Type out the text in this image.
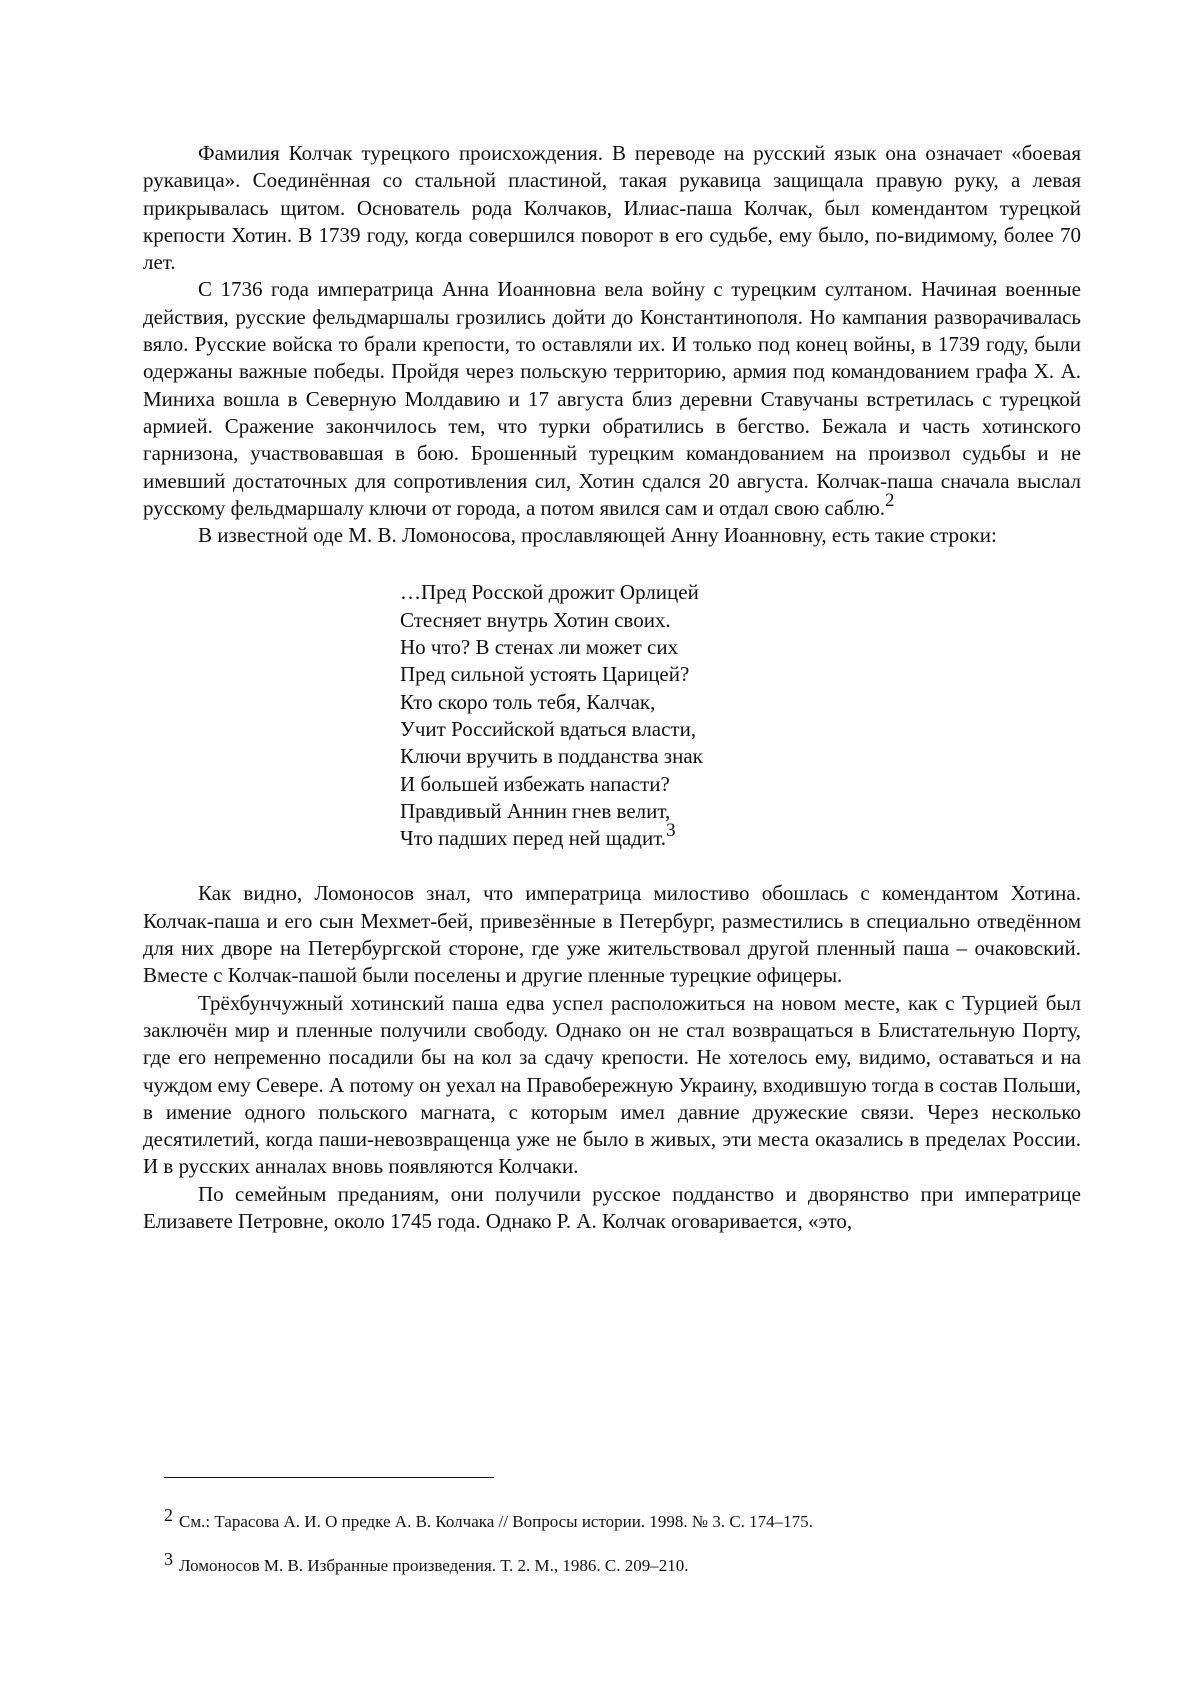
Фамилия Колчак турецкого происхождения. В переводе на русский язык она означает «боевая рукавица». Соединённая со стальной пластиной, такая рукавица защищала правую руку, а левая прикрывалась щитом. Основатель рода Колчаков, Илиас-паша Колчак, был комендантом турецкой крепости Хотин. В 1739 году, когда совершился поворот в его судьбе, ему было, по-видимому, более 70 лет.

С 1736 года императрица Анна Иоанновна вела войну с турецким султаном. Начиная военные действия, русские фельдмаршалы грозились дойти до Константинополя. Но кампания разворачивалась вяло. Русские войска то брали крепости, то оставляли их. И только под конец войны, в 1739 году, были одержаны важные победы. Пройдя через польскую территорию, армия под командованием графа Х. А. Миниха вошла в Северную Молдавию и 17 августа близ деревни Ставучаны встретилась с турецкой армией. Сражение закончилось тем, что турки обратились в бегство. Бежала и часть хотинского гарнизона, участвовавшая в бою. Брошенный турецким командованием на произвол судьбы и не имевший достаточных для сопротивления сил, Хотин сдался 20 августа. Колчак-паша сначала выслал русскому фельдмаршалу ключи от города, а потом явился сам и отдал свою саблю.2

В известной оде М. В. Ломоносова, прославляющей Анну Иоанновну, есть такие строки:

…Пред Росской дрожит Орлицей
Стесняет внутрь Хотин своих.
Но что? В стенах ли может сих
Пред сильной устоять Царицей?
Кто скоро толь тебя, Калчак,
Учит Российской вдаться власти,
Ключи вручить в подданства знак
И большей избежать напасти?
Правдивый Аннин гнев велит,
Что падших перед ней щадит.3

Как видно, Ломоносов знал, что императрица милостиво обошлась с комендантом Хотина. Колчак-паша и его сын Мехмет-бей, привезённые в Петербург, разместились в специально отведённом для них дворе на Петербургской стороне, где уже жительствовал другой пленный паша – очаковский. Вместе с Колчак-пашой были поселены и другие пленные турецкие офицеры.

Трёхбунчужный хотинский паша едва успел расположиться на новом месте, как с Турцией был заключён мир и пленные получили свободу. Однако он не стал возвращаться в Блистательную Порту, где его непременно посадили бы на кол за сдачу крепости. Не хотелось ему, видимо, оставаться и на чуждом ему Севере. А потому он уехал на Правобережную Украину, входившую тогда в состав Польши, в имение одного польского магната, с которым имел давние дружеские связи. Через несколько десятилетий, когда паши-невозвращенца уже не было в живых, эти места оказались в пределах России. И в русских анналах вновь появляются Колчаки.

По семейным преданиям, они получили русское подданство и дворянство при императрице Елизавете Петровне, около 1745 года. Однако Р. А. Колчак оговаривается, «это,

2 См.: Тарасова А. И. О предке А. В. Колчака // Вопросы истории. 1998. № 3. С. 174–175.
3 Ломоносов М. В. Избранные произведения. Т. 2. М., 1986. С. 209–210.
